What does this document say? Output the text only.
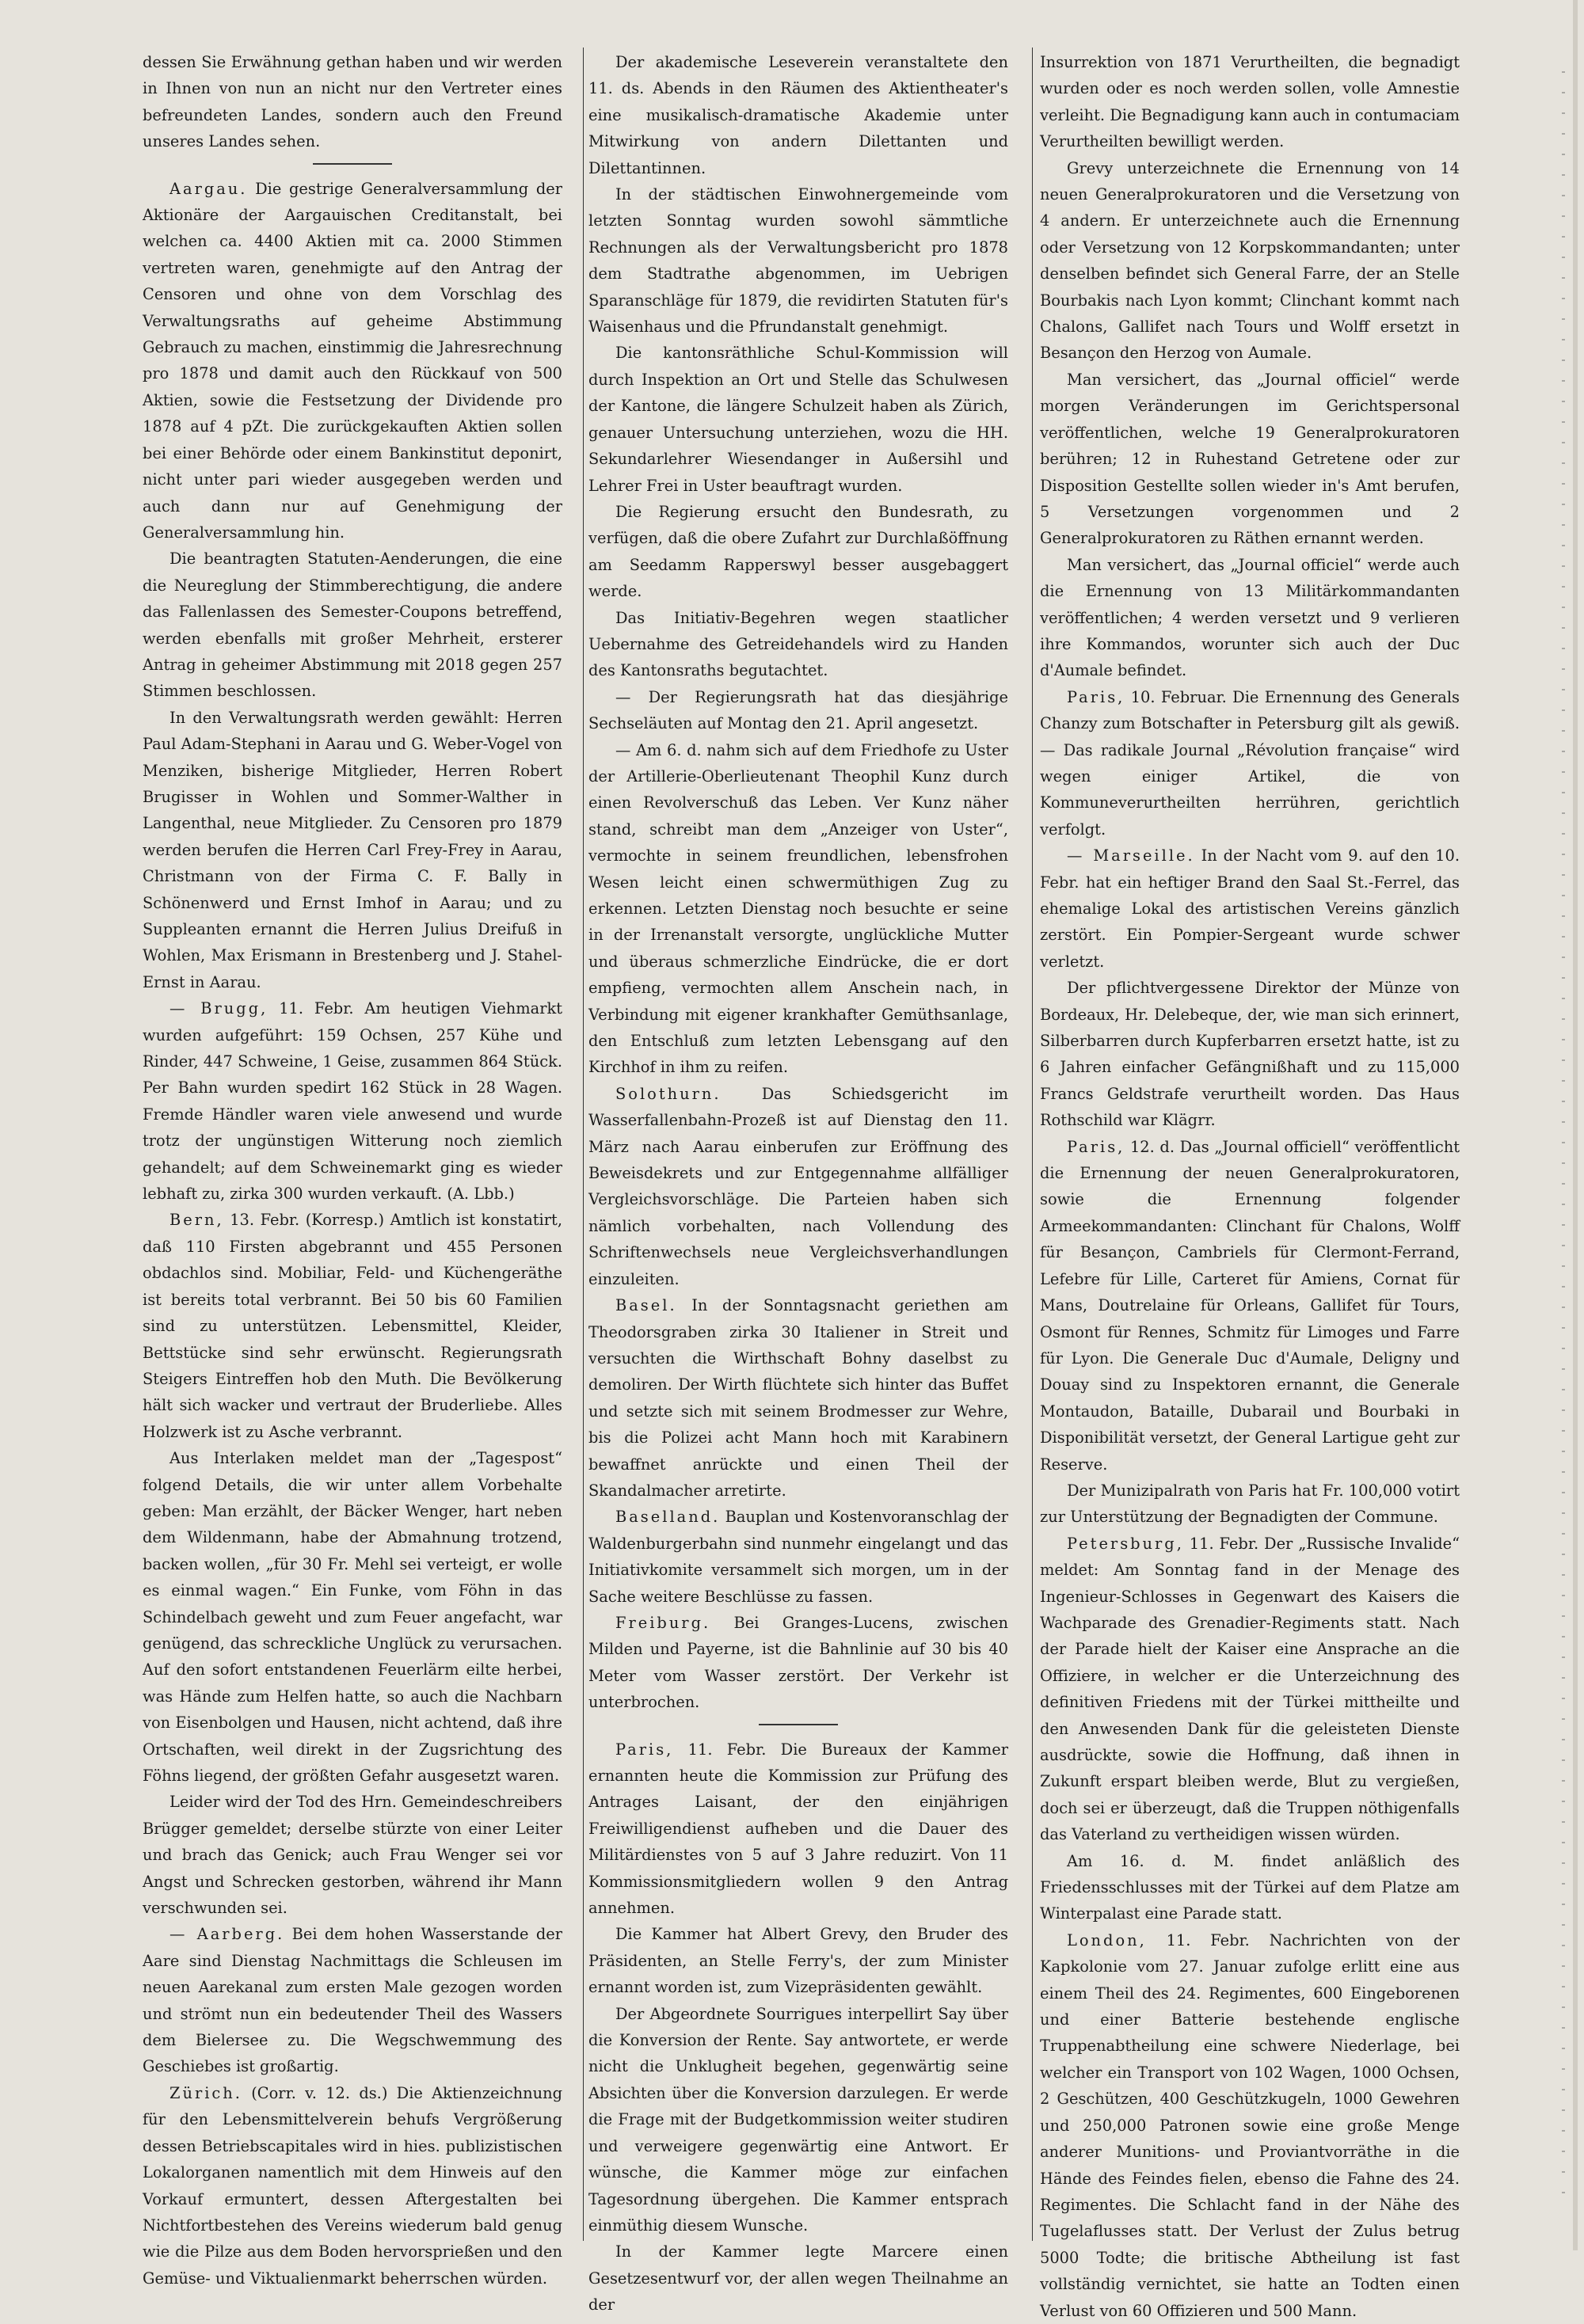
dessen Sie Erwähnung gethan haben und wir werden in Ihnen von nun an nicht nur den Vertreter eines befreundeten Landes, sondern auch den Freund unseres Landes sehen.

Aargau. Die gestrige Generalversammlung der Aktionäre der Aargauischen Creditanstalt, bei welchen ca. 4400 Aktien mit ca. 2000 Stimmen vertreten waren, genehmigte auf den Antrag der Censoren und ohne von dem Vorschlag des Verwaltungsraths auf geheime Abstimmung Gebrauch zu machen, einstimmig die Jahresrechnung pro 1878 und damit auch den Rückkauf von 500 Aktien, sowie die Festsetzung der Dividende pro 1878 auf 4 pZt. Die zurückgekauften Aktien sollen bei einer Behörde oder einem Bankinstitut deponirt, nicht unter pari wieder ausgegeben werden und auch dann nur auf Genehmigung der Generalversammlung hin.

Die beantragten Statuten-Aenderungen, die eine die Neureglung der Stimmberechtigung, die andere das Fallenlassen des Semester-Coupons betreffend, werden ebenfalls mit großer Mehrheit, ersterer Antrag in geheimer Abstimmung mit 2018 gegen 257 Stimmen beschlossen.

In den Verwaltungsrath werden gewählt: Herren Paul Adam-Stephani in Aarau und G. Weber-Vogel von Menziken, bisherige Mitglieder, Herren Robert Brugisser in Wohlen und Sommer-Walther in Langenthal, neue Mitglieder. Zu Censoren pro 1879 werden berufen die Herren Carl Frey-Frey in Aarau, Christmann von der Firma C. F. Bally in Schönenwerd und Ernst Imhof in Aarau; und zu Suppleanten ernannt die Herren Julius Dreifuß in Wohlen, Max Erismann in Brestenberg und J. Stahel-Ernst in Aarau.

— Brugg, 11. Febr. Am heutigen Viehmarkt wurden aufgeführt: 159 Ochsen, 257 Kühe und Rinder, 447 Schweine, 1 Geise, zusammen 864 Stück. Per Bahn wurden spedirt 162 Stück in 28 Wagen. Fremde Händler waren viele anwesend und wurde trotz der ungünstigen Witterung noch ziemlich gehandelt; auf dem Schweinemarkt ging es wieder lebhaft zu, zirka 300 wurden verkauft. (A. Lbb.)

Bern, 13. Febr. (Korresp.) Amtlich ist konstatirt, daß 110 Firsten abgebrannt und 455 Personen obdachlos sind. Mobiliar, Feld- und Küchengeräthe ist bereits total verbrannt. Bei 50 bis 60 Familien sind zu unterstützen. Lebensmittel, Kleider, Bettstücke sind sehr erwünscht. Regierungsrath Steigers Eintreffen hob den Muth. Die Bevölkerung hält sich wacker und vertraut der Bruderliebe. Alles Holzwerk ist zu Asche verbrannt.

Aus Interlaken meldet man der „Tagespost“ folgend Details, die wir unter allem Vorbehalte geben: Man erzählt, der Bäcker Wenger, hart neben dem Wildenmann, habe der Abmahnung trotzend, backen wollen, „für 30 Fr. Mehl sei verteigt, er wolle es einmal wagen.“ Ein Funke, vom Föhn in das Schindelbach geweht und zum Feuer angefacht, war genügend, das schreckliche Unglück zu verursachen. Auf den sofort entstandenen Feuerlärm eilte herbei, was Hände zum Helfen hatte, so auch die Nachbarn von Eisenbolgen und Hausen, nicht achtend, daß ihre Ortschaften, weil direkt in der Zugsrichtung des Föhns liegend, der größten Gefahr ausgesetzt waren.

Leider wird der Tod des Hrn. Gemeindeschreibers Brügger gemeldet; derselbe stürzte von einer Leiter und brach das Genick; auch Frau Wenger sei vor Angst und Schrecken gestorben, während ihr Mann verschwunden sei.

— Aarberg. Bei dem hohen Wasserstande der Aare sind Dienstag Nachmittags die Schleusen im neuen Aarekanal zum ersten Male gezogen worden und strömt nun ein bedeutender Theil des Wassers dem Bielersee zu. Die Wegschwemmung des Geschiebes ist großartig.

Zürich. (Corr. v. 12. ds.) Die Aktienzeichnung für den Lebensmittelverein behufs Vergrößerung dessen Betriebscapitales wird in hies. publizistischen Lokalorganen namentlich mit dem Hinweis auf den Vorkauf ermuntert, dessen Aftergestalten bei Nichtfortbestehen des Vereins wiederum bald genug wie die Pilze aus dem Boden hervorsprießen und den Gemüse- und Viktualienmarkt beherrschen würden.

Der akademische Leseverein veranstaltete den 11. ds. Abends in den Räumen des Aktientheater's eine musikalisch-dramatische Akademie unter Mitwirkung von andern Dilettanten und Dilettantinnen.

In der städtischen Einwohnergemeinde vom letzten Sonntag wurden sowohl sämmtliche Rechnungen als der Verwaltungsbericht pro 1878 dem Stadtrathe abgenommen, im Uebrigen Sparanschläge für 1879, die revidirten Statuten für's Waisenhaus und die Pfrundanstalt genehmigt.

Die kantonsräthliche Schul-Kommission will durch Inspektion an Ort und Stelle das Schulwesen der Kantone, die längere Schulzeit haben als Zürich, genauer Untersuchung unterziehen, wozu die HH. Sekundarlehrer Wiesendanger in Außersihl und Lehrer Frei in Uster beauftragt wurden.

Die Regierung ersucht den Bundesrath, zu verfügen, daß die obere Zufahrt zur Durchlaßöffnung am Seedamm Rapperswyl besser ausgebaggert werde.

Das Initiativ-Begehren wegen staatlicher Uebernahme des Getreidehandels wird zu Handen des Kantonsraths begutachtet.

— Der Regierungsrath hat das diesjährige Sechseläuten auf Montag den 21. April angesetzt.

— Am 6. d. nahm sich auf dem Friedhofe zu Uster der Artillerie-Oberlieutenant Theophil Kunz durch einen Revolverschuß das Leben. Ver Kunz näher stand, schreibt man dem „Anzeiger von Uster“, vermochte in seinem freundlichen, lebensfrohen Wesen leicht einen schwermüthigen Zug zu erkennen. Letzten Dienstag noch besuchte er seine in der Irrenanstalt versorgte, unglückliche Mutter und überaus schmerzliche Eindrücke, die er dort empfieng, vermochten allem Anschein nach, in Verbindung mit eigener krankhafter Gemüthsanlage, den Entschluß zum letzten Lebensgang auf den Kirchhof in ihm zu reifen.

Solothurn.	Das Schiedsgericht im Wasserfallenbahn-Prozeß ist auf Dienstag den 11. März nach Aarau einberufen zur Eröffnung des Beweisdekrets und zur Entgegennahme allfälliger Vergleichsvorschläge. Die Parteien haben sich nämlich vorbehalten, nach Vollendung des Schriftenwechsels neue Vergleichsverhandlungen einzuleiten.

Basel. In der Sonntagsnacht geriethen am Theodorsgraben zirka 30 Italiener in Streit und versuchten die Wirthschaft Bohny daselbst zu demoliren. Der Wirth flüchtete sich hinter das Buffet und setzte sich mit seinem Brodmesser zur Wehre, bis die Polizei acht Mann hoch mit Karabinern bewaffnet anrückte und einen Theil der Skandalmacher arretirte.

Baselland. Bauplan und Kostenvoranschlag der Waldenburgerbahn sind nunmehr eingelangt und das Initiativkomite versammelt sich morgen, um in der Sache weitere Beschlüsse zu fassen.

Freiburg. Bei Granges-Lucens, zwischen Milden und Payerne, ist die Bahnlinie auf 30 bis 40 Meter vom Wasser zerstört. Der Verkehr ist unterbrochen.

Paris, 11. Febr. Die Bureaux der Kammer ernannten heute die Kommission zur Prüfung des Antrages Laisant, der den einjährigen Freiwilligendienst aufheben und die Dauer des Militärdienstes von 5 auf 3 Jahre reduzirt. Von 11 Kommissionsmitgliedern wollen 9 den Antrag annehmen.

Die Kammer hat Albert Grevy, den Bruder des Präsidenten, an Stelle Ferry's, der zum Minister ernannt worden ist, zum Vizepräsidenten gewählt.

Der Abgeordnete Sourrigues interpellirt Say über die Konversion der Rente. Say antwortete, er werde nicht die Unklugheit begehen, gegenwärtig seine Absichten über die Konversion darzulegen. Er werde die Frage mit der Budgetkommission weiter studiren und verweigere gegenwärtig eine Antwort. Er wünsche, die Kammer möge zur einfachen Tagesordnung übergehen. Die Kammer entsprach einmüthig diesem Wunsche.

In der Kammer legte Marcere einen Gesetzesentwurf vor, der allen wegen Theilnahme an der

Insurrektion von 1871 Verurtheilten, die begnadigt wurden oder es noch werden sollen, volle Amnestie verleiht. Die Begnadigung kann auch in contumaciam Verurtheilten bewilligt werden.

Grevy unterzeichnete die Ernennung von 14 neuen Generalprokuratoren und die Versetzung von 4 andern. Er unterzeichnete auch die Ernennung oder Versetzung von 12 Korpskommandanten; unter denselben befindet sich General Farre, der an Stelle Bourbakis nach Lyon kommt; Clinchant kommt nach Chalons, Gallifet nach Tours und Wolff ersetzt in Besançon den Herzog von Aumale.

Man versichert, das „Journal officiel“ werde morgen Veränderungen im Gerichtspersonal veröffentlichen, welche 19 Generalprokuratoren berühren; 12 in Ruhestand Getretene oder zur Disposition Gestellte sollen wieder in's Amt berufen, 5 Versetzungen vorgenommen und 2 Generalprokuratoren zu Räthen ernannt werden.

Man versichert, das „Journal officiel“ werde auch die Ernennung von 13 Militärkommandanten veröffentlichen; 4 werden versetzt und 9 verlieren ihre Kommandos, worunter sich auch der Duc d'Aumale befindet.

Paris, 10. Februar. Die Ernennung des Generals Chanzy zum Botschafter in Petersburg gilt als gewiß. — Das radikale Journal „Révolution française“ wird wegen einiger Artikel, die von Kommuneverurtheilten herrühren, gerichtlich verfolgt.

— Marseille. In der Nacht vom 9. auf den 10. Febr. hat ein heftiger Brand den Saal St.-Ferrel, das ehemalige Lokal des artistischen Vereins gänzlich zerstört. Ein Pompier-Sergeant wurde schwer verletzt.

Der pflichtvergessene Direktor der Münze von Bordeaux, Hr. Delebeque, der, wie man sich erinnert, Silberbarren durch Kupferbarren ersetzt hatte, ist zu 6 Jahren einfacher Gefängnißhaft und zu 115,000 Francs Geldstrafe verurtheilt worden. Das Haus Rothschild war Klägrr.

Paris, 12. d. Das „Journal officiell“ veröffentlicht die Ernennung der neuen Generalprokuratoren, sowie die Ernennung folgender Armeekommandanten: Clinchant für Chalons, Wolff für Besançon, Cambriels für Clermont-Ferrand, Lefebre für Lille, Carteret für Amiens, Cornat für Mans, Doutrelaine für Orleans, Gallifet für Tours, Osmont für Rennes, Schmitz für Limoges und Farre für Lyon. Die Generale Duc d'Aumale, Deligny und Douay sind zu Inspektoren ernannt, die Generale Montaudon, Bataille, Dubarail und Bourbaki in Disponibilität versetzt, der General Lartigue geht zur Reserve.

Der Munizipalrath von Paris hat Fr. 100,000 votirt zur Unterstützung der Begnadigten der Commune.

Petersburg, 11. Febr. Der „Russische Invalide“ meldet: Am Sonntag fand in der Menage des Ingenieur-Schlosses in Gegenwart des Kaisers die Wachparade des Grenadier-Regiments statt. Nach der Parade hielt der Kaiser eine Ansprache an die Offiziere, in welcher er die Unterzeichnung des definitiven Friedens mit der Türkei mittheilte und den Anwesenden Dank für die geleisteten Dienste ausdrückte, sowie die Hoffnung, daß ihnen in Zukunft erspart bleiben werde, Blut zu vergießen, doch sei er überzeugt, daß die Truppen nöthigenfalls das Vaterland zu vertheidigen wissen würden.

Am 16. d. M. findet anläßlich des Friedensschlusses mit der Türkei auf dem Platze am Winterpalast eine Parade statt.

London, 11. Febr. Nachrichten von der Kapkolonie vom 27. Januar zufolge erlitt eine aus einem Theil des 24. Regimentes, 600 Eingeborenen und einer Batterie bestehende englische Truppenabtheilung eine schwere Niederlage, bei welcher ein Transport von 102 Wagen, 1000 Ochsen, 2 Geschützen, 400 Geschützkugeln, 1000 Gewehren und 250,000 Patronen sowie eine große Menge anderer Munitions- und Proviantvorräthe in die Hände des Feindes fielen, ebenso die Fahne des 24. Regimentes. Die Schlacht fand in der Nähe des Tugelaflusses statt. Der Verlust der Zulus betrug 5000 Todte; die britische Abtheilung ist fast vollständig vernichtet, sie hatte an Todten einen Verlust von 60 Offizieren und 500 Mann.
